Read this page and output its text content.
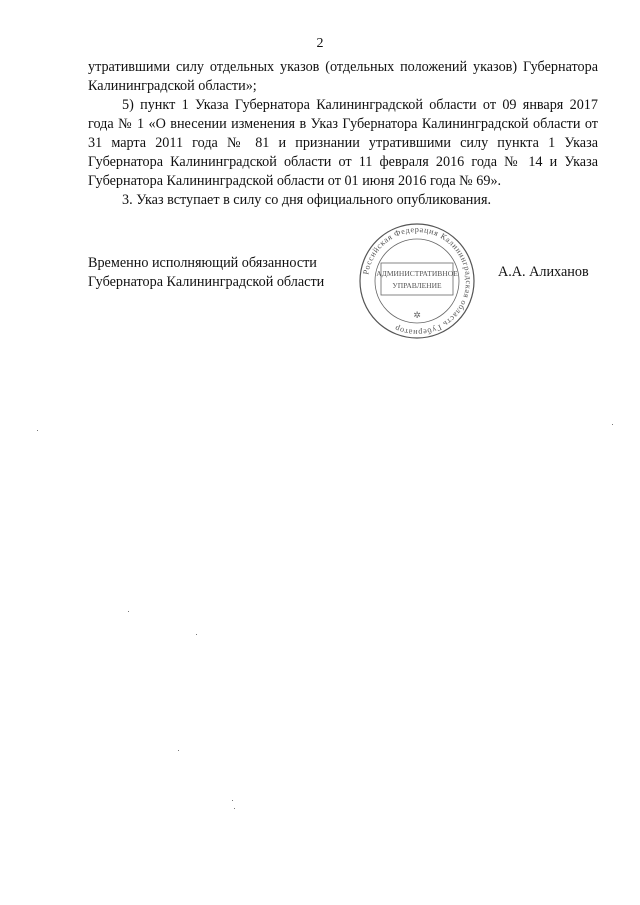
2

утратившими силу отдельных указов (отдельных положений указов) Губернатора Калининградской области»;

5) пункт 1 Указа Губернатора Калининградской области от 09 января 2017 года № 1 «О внесении изменения в Указ Губернатора Калининградской области от 31 марта 2011 года № 81 и признании утратившими силу пункта 1 Указа Губернатора Калининградской области от 11 февраля 2016 года № 14 и Указа Губернатора Калининградской области от 01 июня 2016 года № 69».

3. Указ вступает в силу со дня официального опубликования.

Временно исполняющий обязанности
Губернатора Калининградской области
Российская Федерация Калининградская область Губернатор
АДМИНИСТРАТИВНОЕ
УПРАВЛЕНИЕ
✲
А.А. Алиханов
